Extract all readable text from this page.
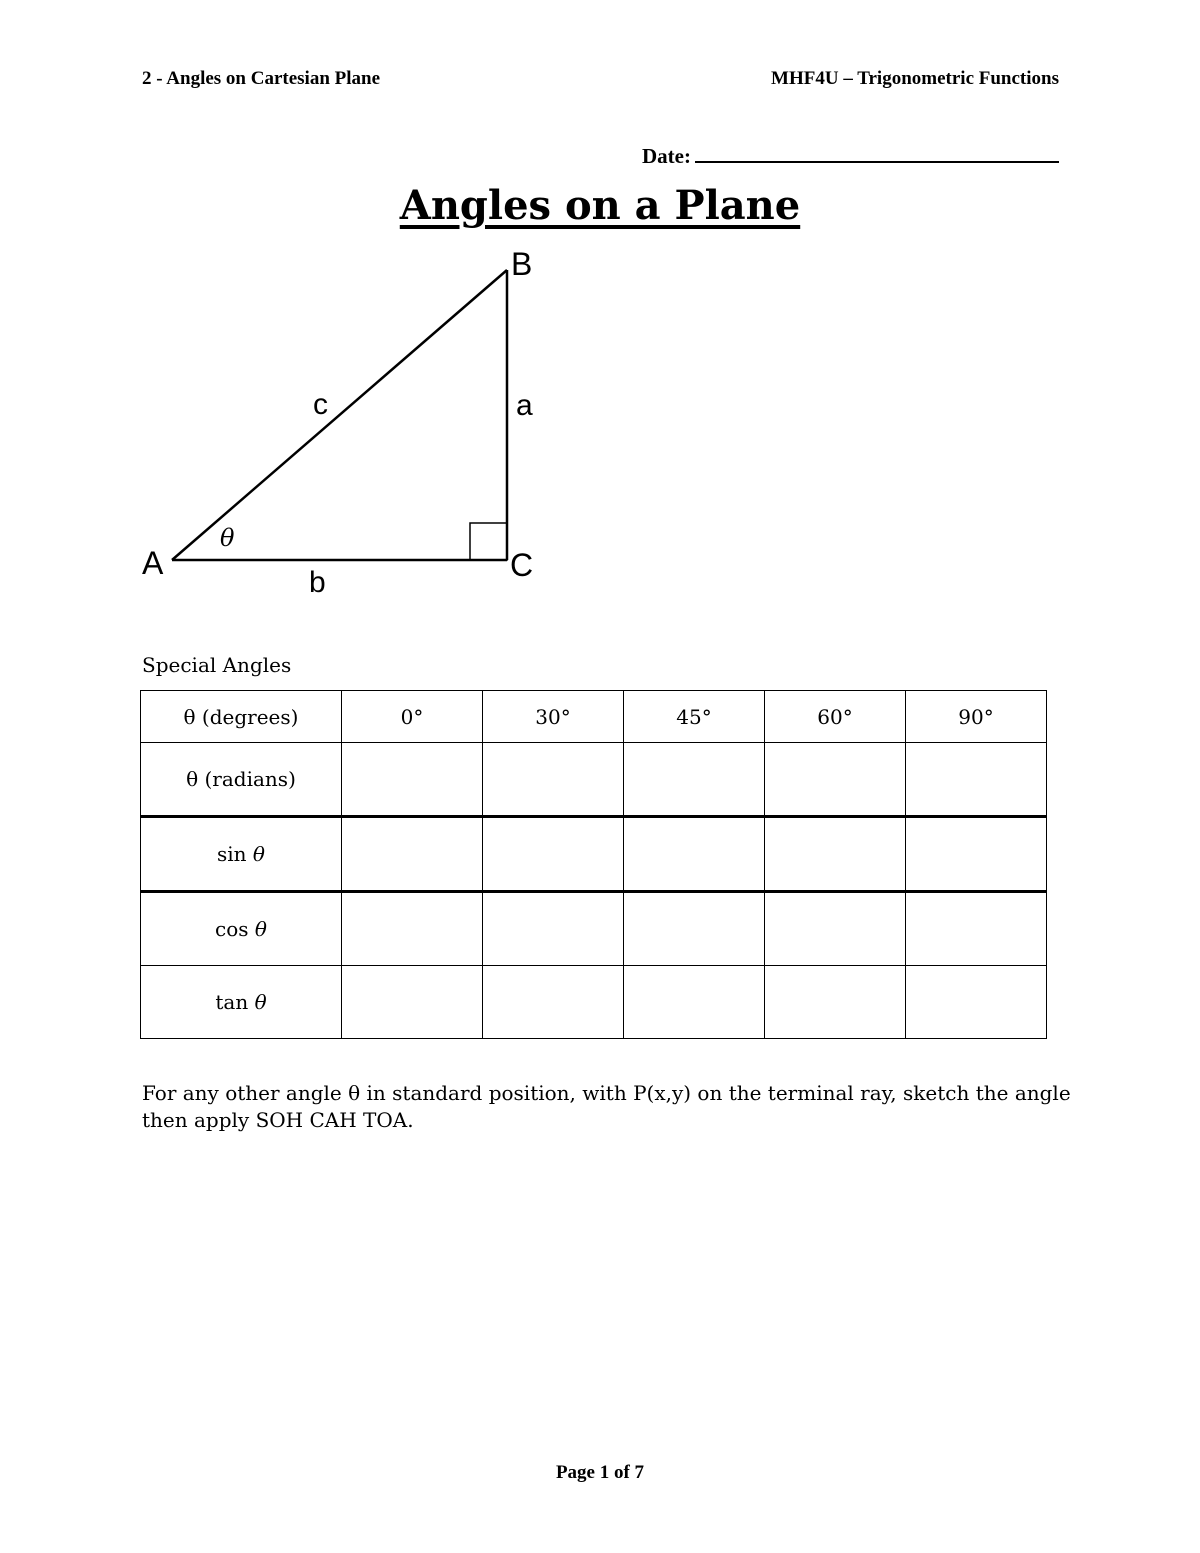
2 - Angles on Cartesian Plane	MHF4U – Trigonometric Functions
Date:
Angles on a Plane
A
B
C
a
b
c
θ
Special Angles
θ (degrees)	0°	30°	45°	60°	90°
θ (radians)					
sin θ					
cos θ					
tan θ					
For any other angle θ in standard position, with P(x,y) on the terminal ray, sketch the angle then apply SOH CAH TOA.
Page 1 of 7
